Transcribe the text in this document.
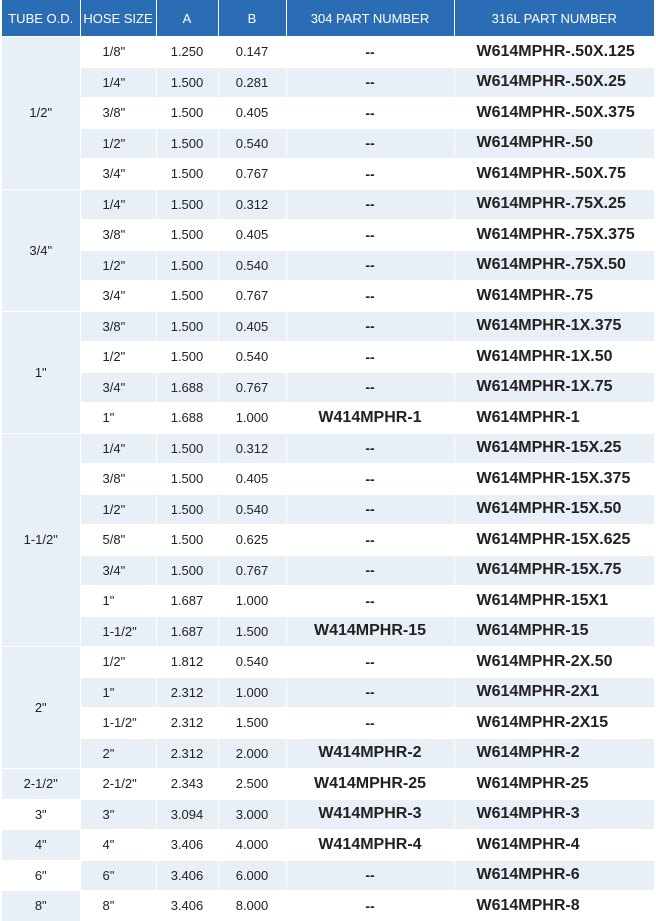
TUBE O.D.	HOSE SIZE	A	B	304 PART NUMBER	316L PART NUMBER
1/2"	1/8"	1.250	0.147	--	W614MPHR-.50X.125
	1/4"	1.500	0.281	--	W614MPHR-.50X.25
	3/8"	1.500	0.405	--	W614MPHR-.50X.375
	1/2"	1.500	0.540	--	W614MPHR-.50
	3/4"	1.500	0.767	--	W614MPHR-.50X.75
3/4"	1/4"	1.500	0.312	--	W614MPHR-.75X.25
	3/8"	1.500	0.405	--	W614MPHR-.75X.375
	1/2"	1.500	0.540	--	W614MPHR-.75X.50
	3/4"	1.500	0.767	--	W614MPHR-.75
1"	3/8"	1.500	0.405	--	W614MPHR-1X.375
	1/2"	1.500	0.540	--	W614MPHR-1X.50
	3/4"	1.688	0.767	--	W614MPHR-1X.75
	1"	1.688	1.000	W414MPHR-1	W614MPHR-1
1-1/2"	1/4"	1.500	0.312	--	W614MPHR-15X.25
	3/8"	1.500	0.405	--	W614MPHR-15X.375
	1/2"	1.500	0.540	--	W614MPHR-15X.50
	5/8"	1.500	0.625	--	W614MPHR-15X.625
	3/4"	1.500	0.767	--	W614MPHR-15X.75
	1"	1.687	1.000	--	W614MPHR-15X1
	1-1/2"	1.687	1.500	W414MPHR-15	W614MPHR-15
2"	1/2"	1.812	0.540	--	W614MPHR-2X.50
	1"	2.312	1.000	--	W614MPHR-2X1
	1-1/2"	2.312	1.500	--	W614MPHR-2X15
	2"	2.312	2.000	W414MPHR-2	W614MPHR-2
2-1/2"	2-1/2"	2.343	2.500	W414MPHR-25	W614MPHR-25
3"	3"	3.094	3.000	W414MPHR-3	W614MPHR-3
4"	4"	3.406	4.000	W414MPHR-4	W614MPHR-4
6"	6"	3.406	6.000	--	W614MPHR-6
8"	8"	3.406	8.000	--	W614MPHR-8
